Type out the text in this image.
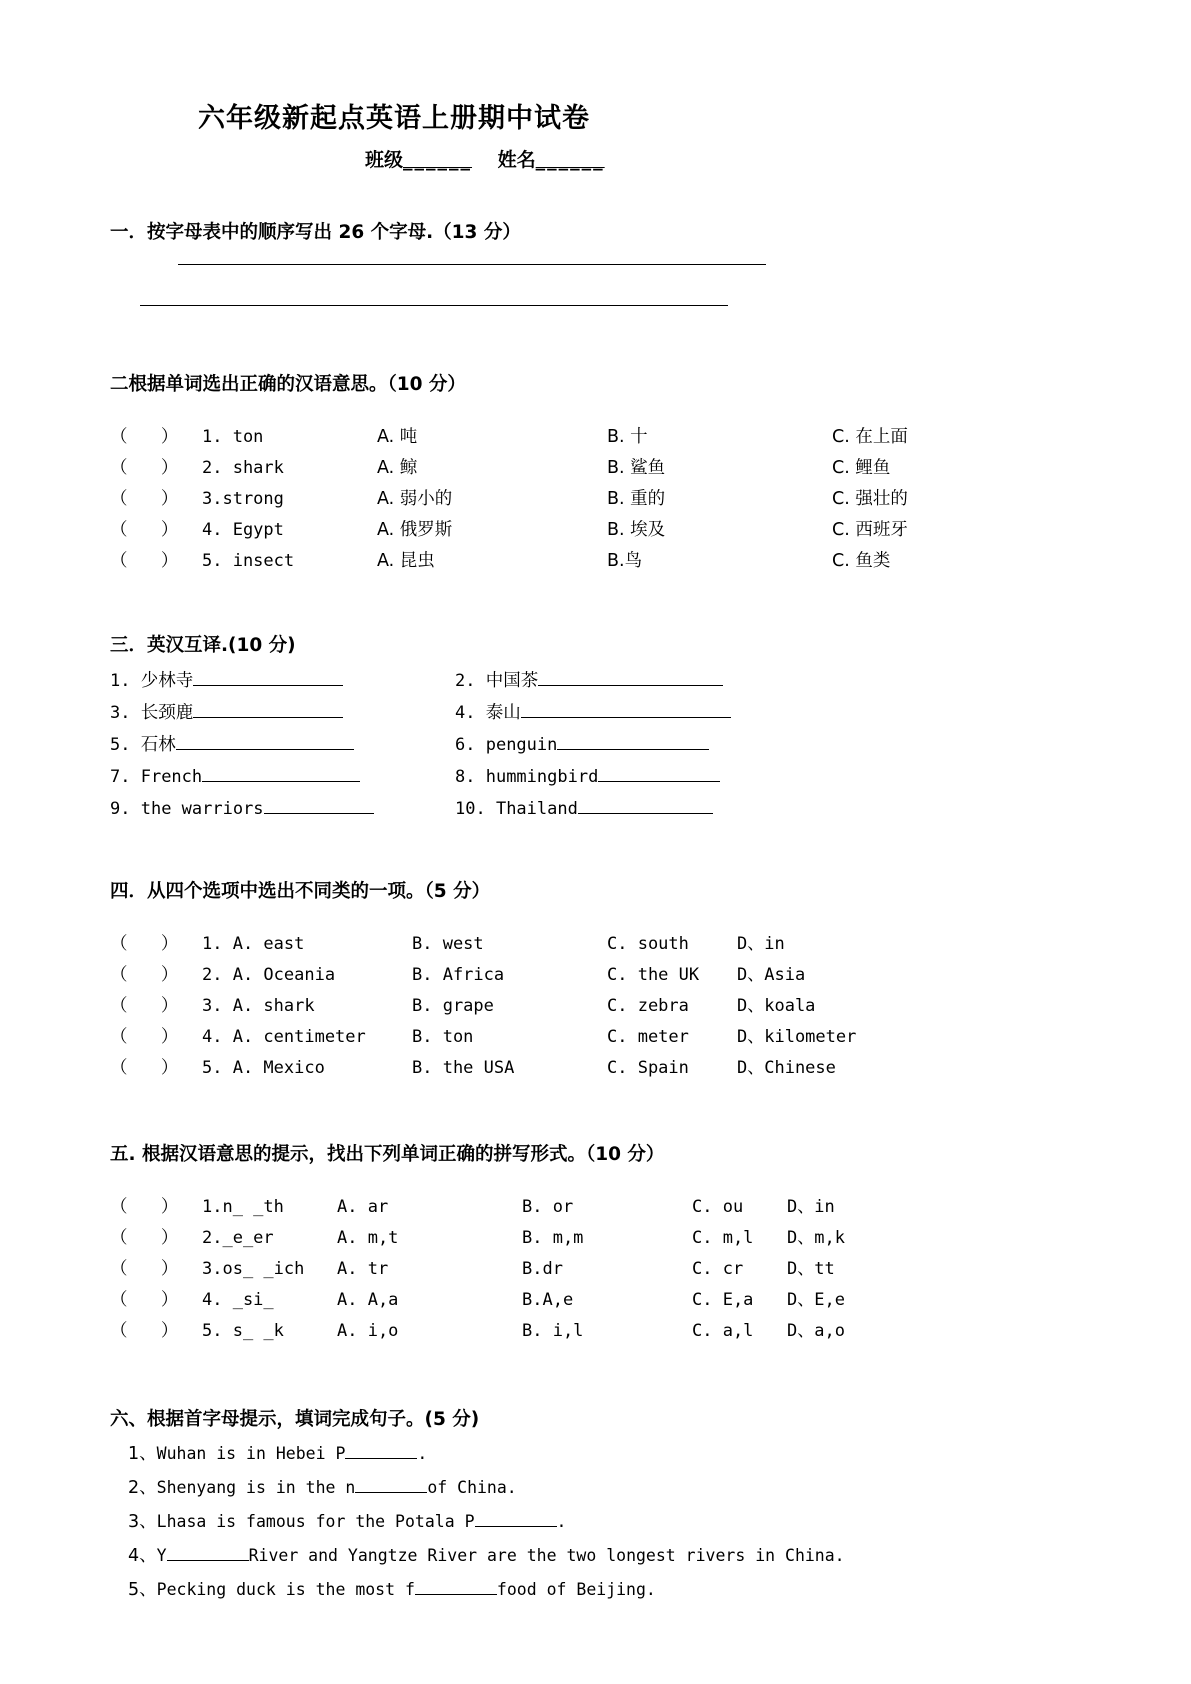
六年级新起点英语上册期中试卷
班级______　 姓名______
一．按字母表中的顺序写出 26 个字母.（13 分）
二根据单词选出正确的汉语意思。（10 分）
（      ）	1. ton	A. 吨	B. 十	C. 在上面
（      ）	2. shark	A. 鲸	B. 鲨鱼	C. 鲤鱼
（      ）	3.strong	A. 弱小的	B. 重的	C. 强壮的
（      ）	4. Egypt	A. 俄罗斯	B. 埃及	C. 西班牙
（      ）	5. insect	A. 昆虫	B.鸟	C. 鱼类
三．英汉互译.(10 分)
1. 少林寺	2. 中国茶
3. 长颈鹿	4. 泰山
5. 石林	6. penguin
7. French	8. hummingbird
9. the warriors	10. Thailand
四．从四个选项中选出不同类的一项。（5 分）
（      ）	1. A. east	B. west	C. south	D、in
（      ）	2. A. Oceania	B. Africa	C. the UK	D、Asia
（      ）	3. A. shark	B. grape	C. zebra	D、koala
（      ）	4. A. centimeter	B. ton	C. meter	D、kilometer
（      ）	5. A. Mexico	B. the USA	C. Spain	D、Chinese
五. 根据汉语意思的提示，找出下列单词正确的拼写形式。（10 分）
（      ）	1.n_ _th	A. ar	B. or	C. ou	D、in
（      ）	2._e_er	A. m,t	B. m,m	C. m,l	D、m,k
（      ）	3.os_ _ich	A. tr	B.dr	C. cr	D、tt
（      ）	4. _si_	A. A,a	B.A,e	C. E,a	D、E,e
（      ）	5. s_ _k	A. i,o	B. i,l	C. a,l	D、a,o
六、根据首字母提示，填词完成句子。(5 分)
1、 Wuhan is in Hebei P	.
2、 Shenyang is in the n	of China.
3、 Lhasa is famous for the Potala P	.
4、 Y	River and Yangtze River are the two longest rivers in China.
5、 Pecking duck is the most f	food of Beijing.
